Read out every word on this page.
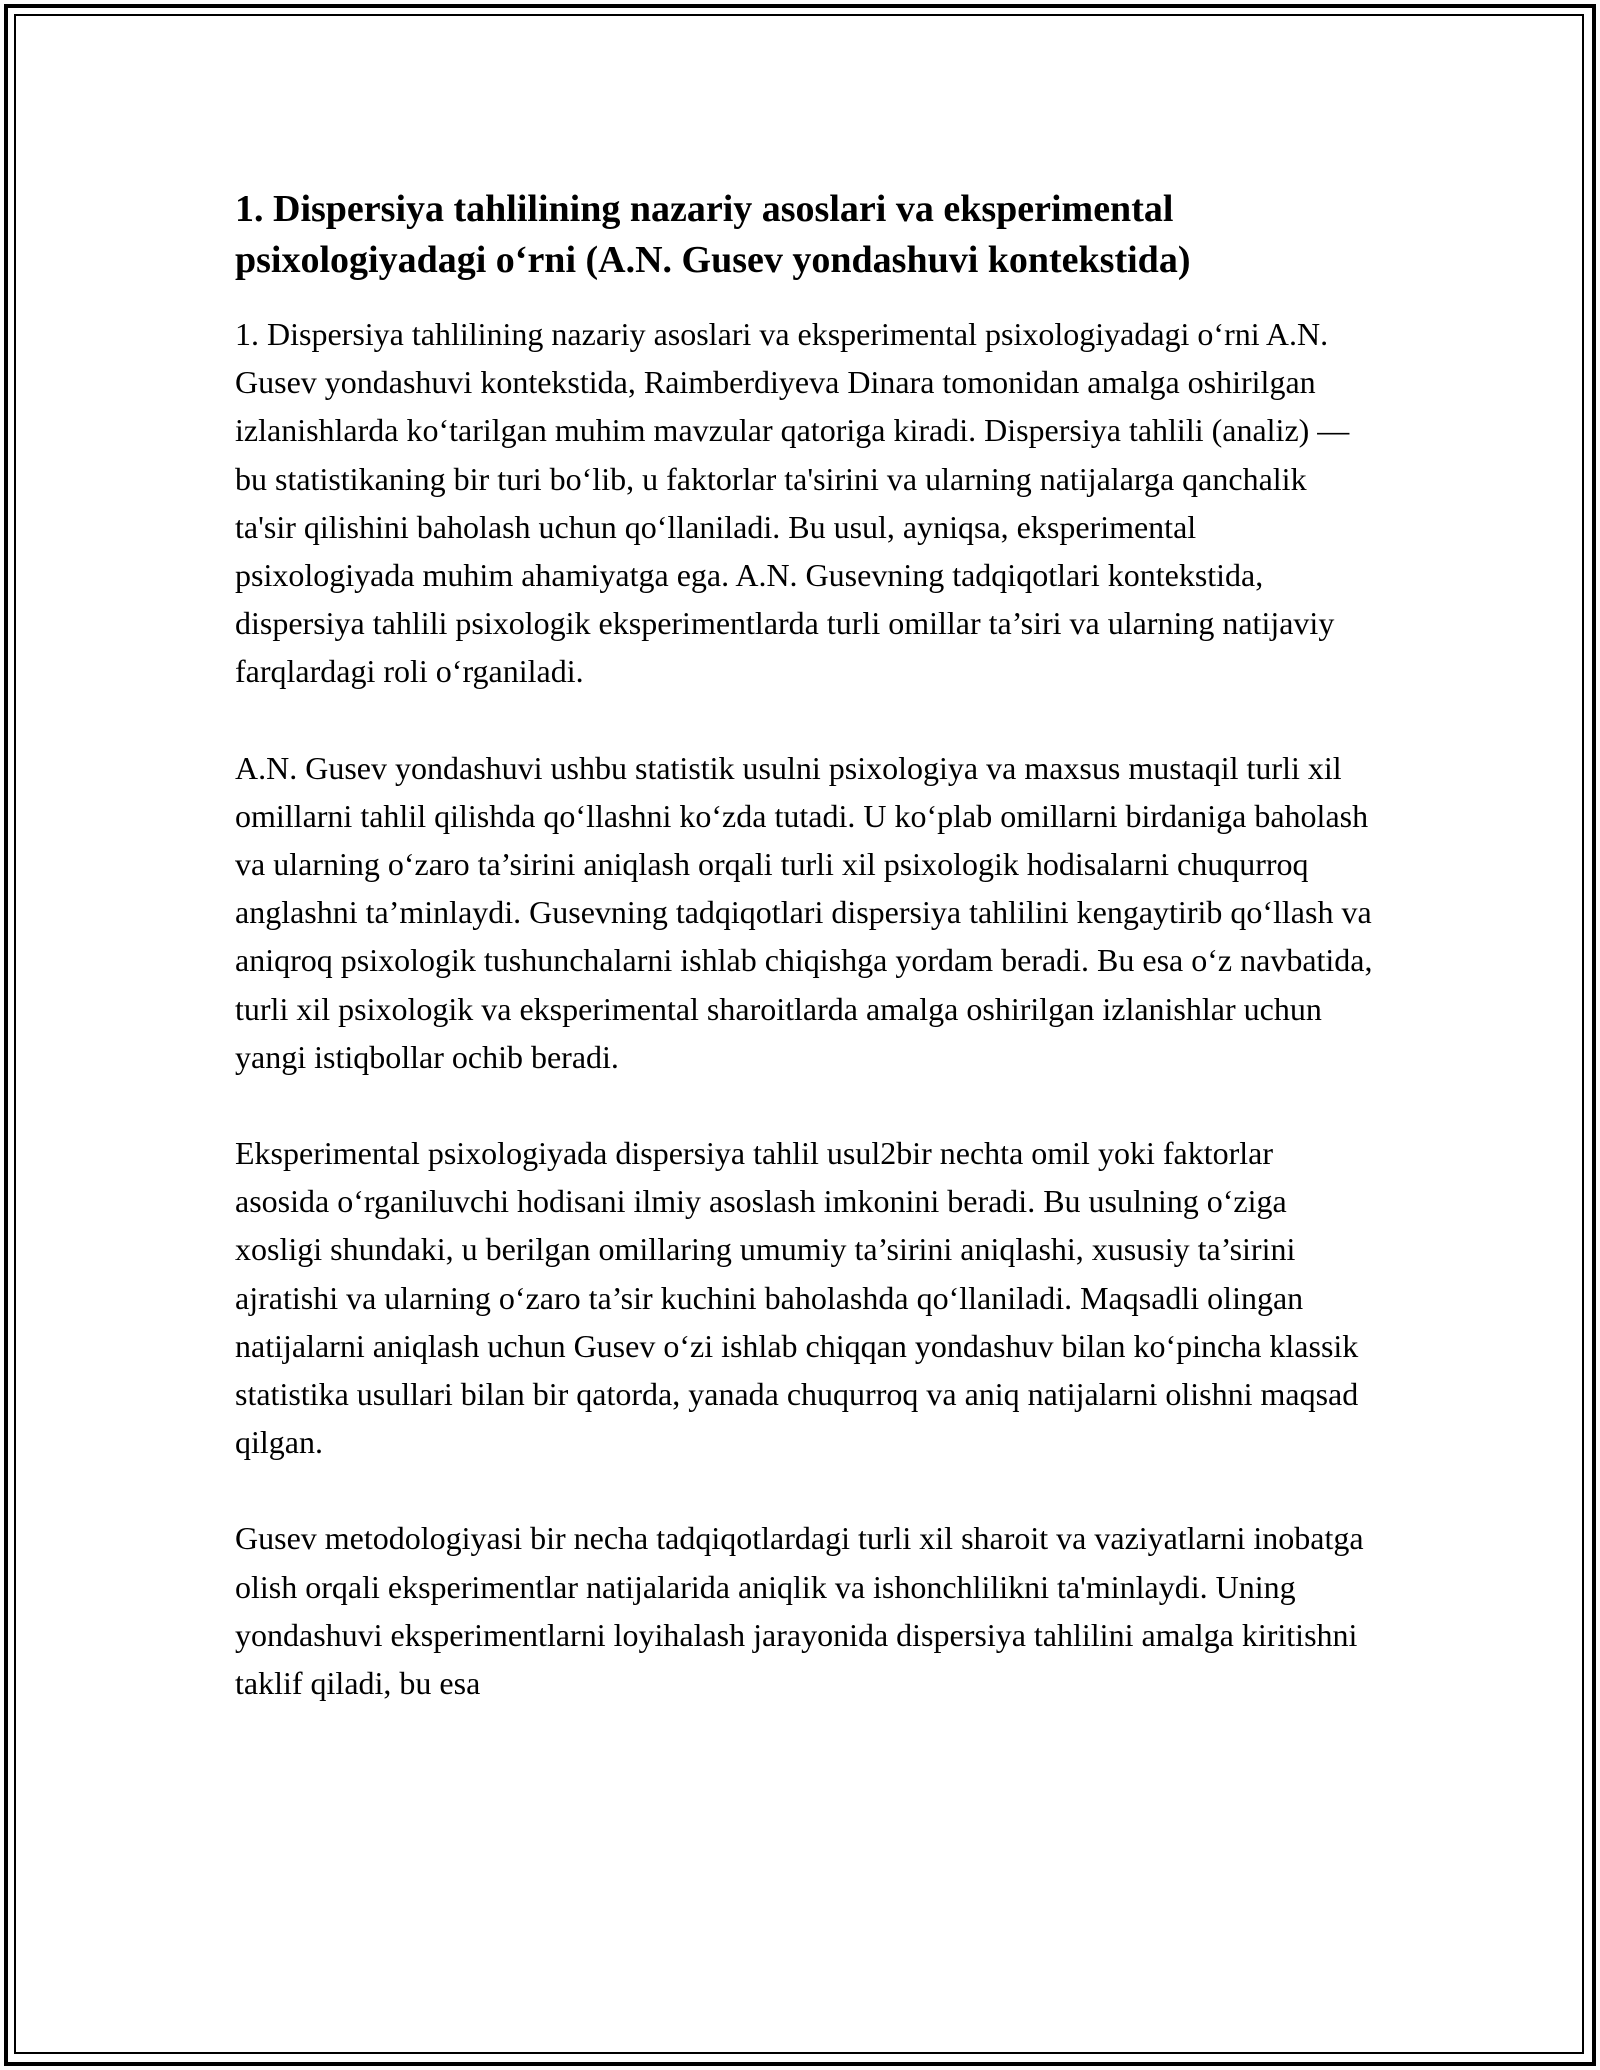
1. Dispersiya tahlilining nazariy asoslari va eksperimental psixologiyadagi o‘rni (A.N. Gusev yondashuvi kontekstida)

1. Dispersiya tahlilining nazariy asoslari va eksperimental psixologiyadagi o‘rni A.N. Gusev yondashuvi kontekstida, Raimberdiyeva Dinara tomonidan amalga oshirilgan izlanishlarda ko‘tarilgan muhim mavzular qatoriga kiradi. Dispersiya tahlili (analiz) — bu statistikaning bir turi bo‘lib, u faktorlar ta'sirini va ularning natijalarga qanchalik ta'sir qilishini baholash uchun qo‘llaniladi. Bu usul, ayniqsa, eksperimental psixologiyada muhim ahamiyatga ega. A.N. Gusevning tadqiqotlari kontekstida, dispersiya tahlili psixologik eksperimentlarda turli omillar ta’siri va ularning natijaviy farqlardagi roli o‘rganiladi.

A.N. Gusev yondashuvi ushbu statistik usulni psixologiya va maxsus mustaqil turli xil omillarni tahlil qilishda qo‘llashni ko‘zda tutadi. U ko‘plab omillarni birdaniga baholash va ularning o‘zaro ta’sirini aniqlash orqali turli xil psixologik hodisalarni chuqurroq anglashni ta’minlaydi. Gusevning tadqiqotlari dispersiya tahlilini kengaytirib qo‘llash va aniqroq psixologik tushunchalarni ishlab chiqishga yordam beradi. Bu esa o‘z navbatida, turli xil psixologik va eksperimental sharoitlarda amalga oshirilgan izlanishlar uchun yangi istiqbollar ochib beradi.

Eksperimental psixologiyada dispersiya tahlil usul2bir nechta omil yoki faktorlar asosida o‘rganiluvchi hodisani ilmiy asoslash imkonini beradi. Bu usulning o‘ziga xosligi shundaki, u berilgan omillaring umumiy ta’sirini aniqlashi, xususiy ta’sirini ajratishi va ularning o‘zaro ta’sir kuchini baholashda qo‘llaniladi. Maqsadli olingan natijalarni aniqlash uchun Gusev o‘zi ishlab chiqqan yondashuv bilan ko‘pincha klassik statistika usullari bilan bir qatorda, yanada chuqurroq va aniq natijalarni olishni maqsad qilgan.

Gusev metodologiyasi bir necha tadqiqotlardagi turli xil sharoit va vaziyatlarni inobatga olish orqali eksperimentlar natijalarida aniqlik va ishonchlilikni ta'minlaydi. Uning yondashuvi eksperimentlarni loyihalash jarayonida dispersiya tahlilini amalga kiritishni taklif qiladi, bu esa
